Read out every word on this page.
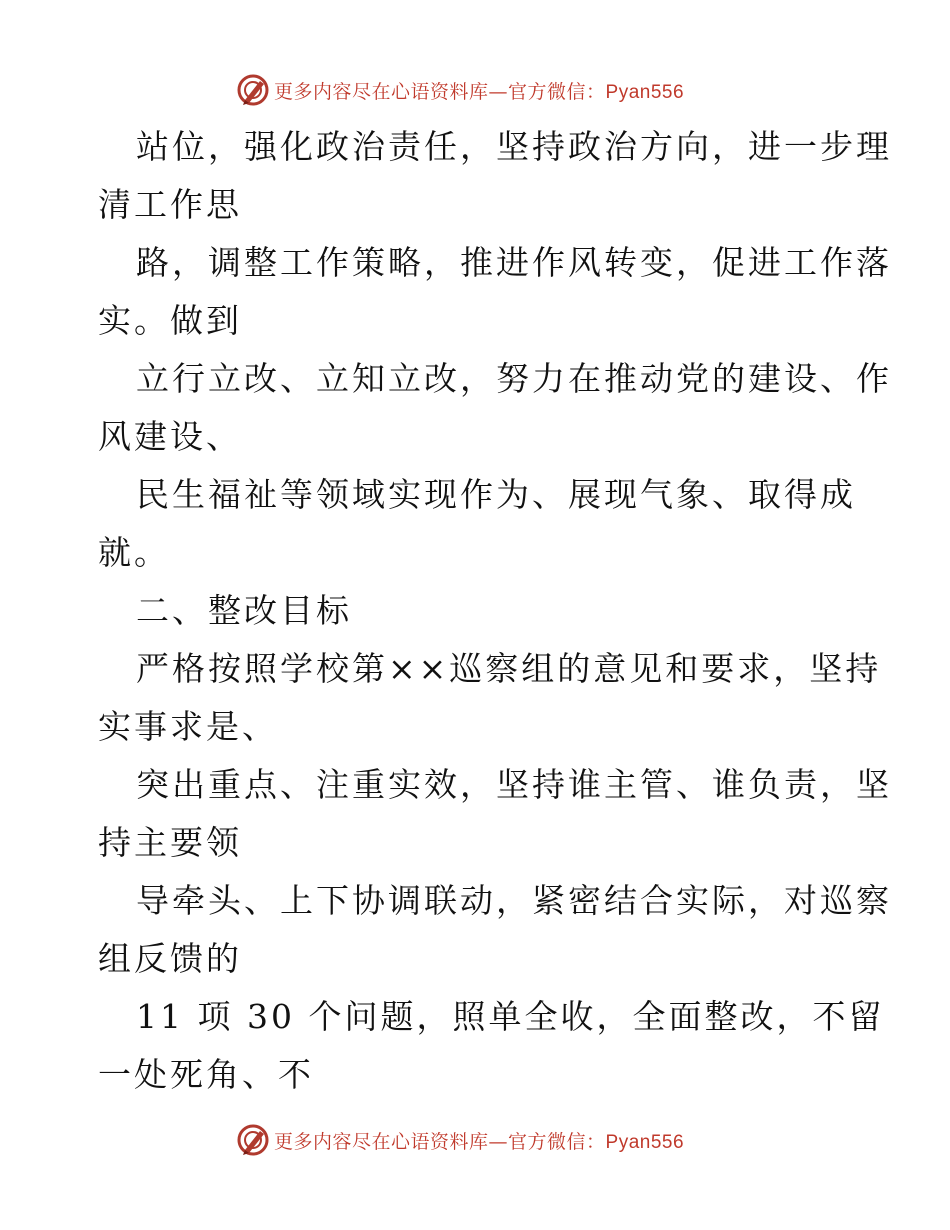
更多内容尽在心语资料库—官方微信：Pyan556
站位，强化政治责任，坚持政治方向，进一步理
清工作思
路，调整工作策略，推进作风转变，促进工作落
实。做到
立行立改、立知立改，努力在推动党的建设、作
风建设、
民生福祉等领域实现作为、展现气象、取得成
就。
二、整改目标
严格按照学校第××巡察组的意见和要求，坚持
实事求是、
突出重点、注重实效，坚持谁主管、谁负责，坚
持主要领
导牵头、上下协调联动，紧密结合实际，对巡察
组反馈的
11 项 30 个问题，照单全收，全面整改，不留
一处死角、不
更多内容尽在心语资料库—官方微信：Pyan556
